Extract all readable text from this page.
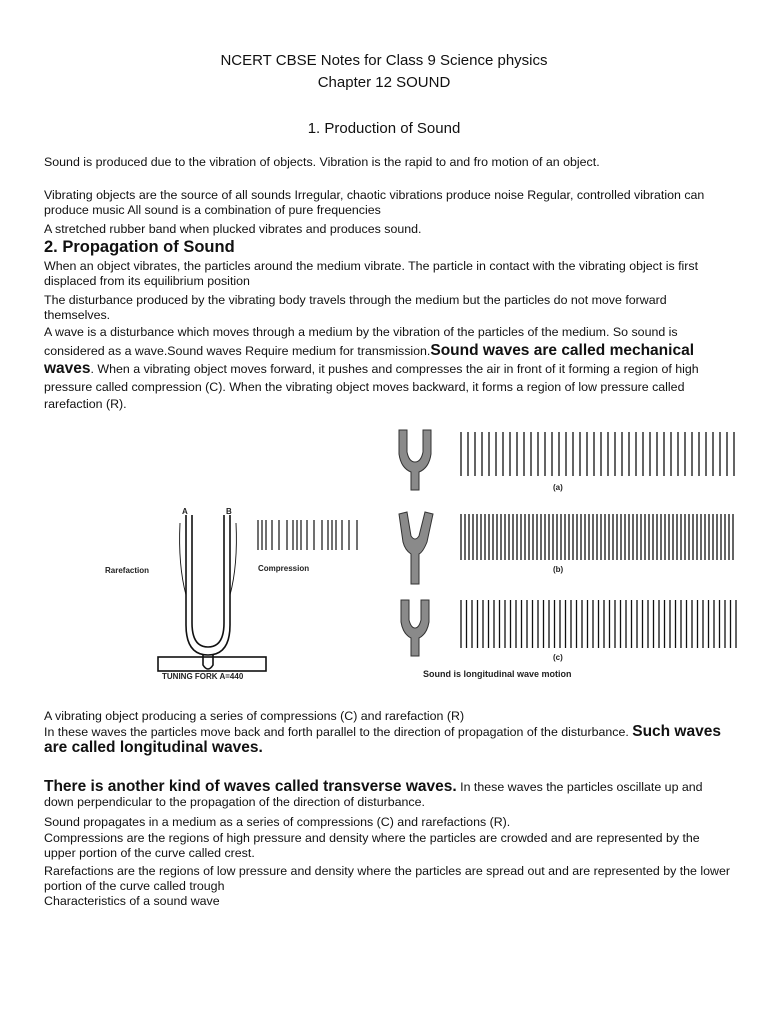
NCERT CBSE Notes for Class 9 Science physics
Chapter 12 SOUND
1. Production of Sound
Sound is produced due to the vibration of objects. Vibration is the rapid to and fro motion of an object.
Vibrating objects are the source of all sounds Irregular, chaotic vibrations produce noise Regular, controlled vibration can produce music All sound is a combination of pure frequencies
A stretched rubber band when plucked vibrates and produces sound.
2. Propagation of Sound
When an object vibrates, the particles around the medium vibrate. The particle in contact with the vibrating object is first displaced from its equilibrium position
The disturbance produced by the vibrating body travels through the medium but the particles do not move forward themselves.
A wave is a disturbance which moves through a medium by the vibration of the particles of the medium. So sound is considered as a wave.Sound waves Require medium for transmission.Sound waves are called mechanical waves. When a vibrating object moves forward, it pushes and compresses the air in front of it forming a region of high pressure called compression (C). When the vibrating object moves backward, it forms a region of low pressure called rarefaction (R).
A	B
Rarefaction	Compression
TUNING FORK A=440
(a)
(b)
(c)
Sound is longitudinal wave motion
A vibrating object producing a series of compressions (C) and rarefaction (R)
In these waves the particles move back and forth parallel to the direction of propagation of the disturbance. Such waves are called longitudinal waves.
There is another kind of waves called transverse waves. In these waves the particles oscillate up and down perpendicular to the propagation of the direction of disturbance.
Sound propagates in a medium as a series of compressions (C) and rarefactions (R).
Compressions are the regions of high pressure and density where the particles are crowded and are represented by the upper portion of the curve called crest.
Rarefactions are the regions of low pressure and density where the particles are spread out and are represented by the lower portion of the curve called trough
Characteristics of a sound wave
